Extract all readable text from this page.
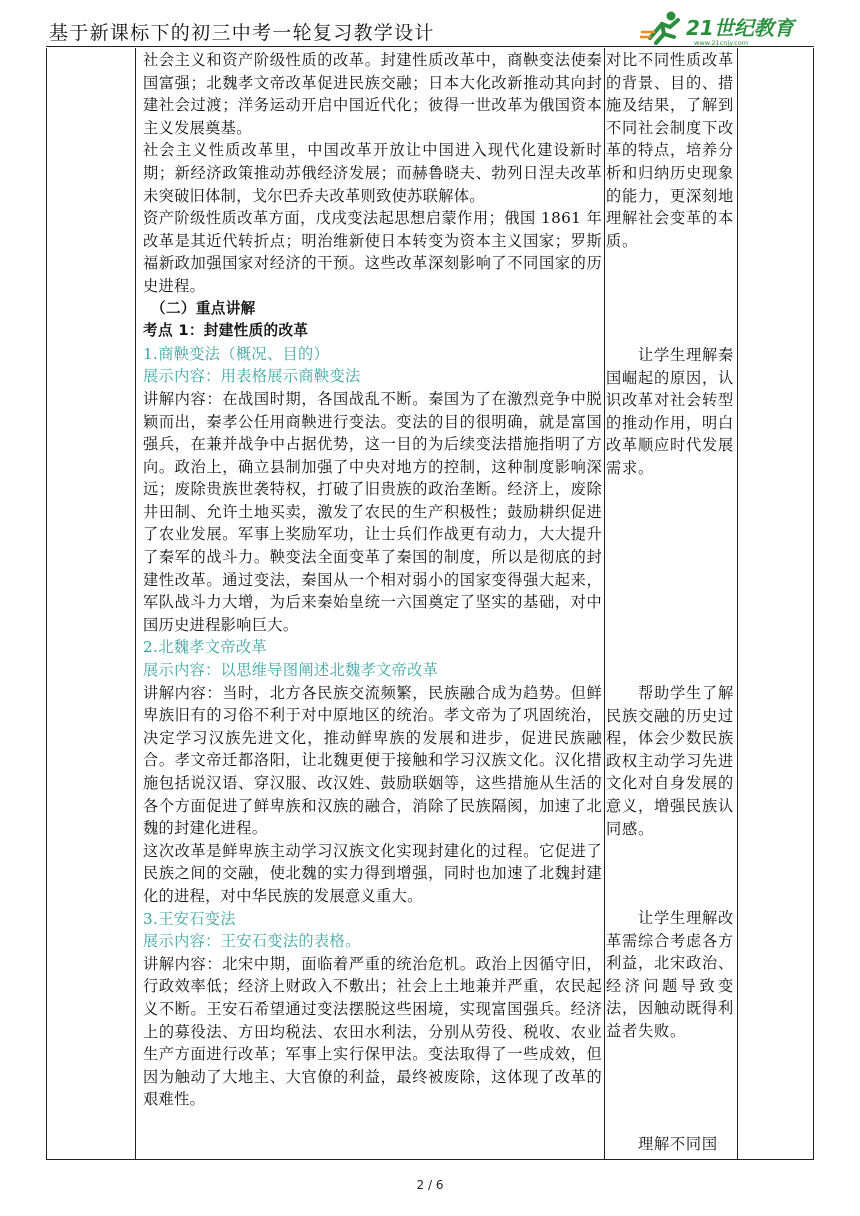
基于新课标下的初三中考一轮复习教学设计	21世纪教育
www.21cnjy.com

社会主义和资产阶级性质的改革。封建性质改革中，商鞅变法使秦国富强；北魏孝文帝改革促进民族交融；日本大化改新推动其向封建社会过渡；洋务运动开启中国近代化；彼得一世改革为俄国资本主义发展奠基。

社会主义性质改革里，中国改革开放让中国进入现代化建设新时期；新经济政策推动苏俄经济发展；而赫鲁晓夫、勃列日涅夫改革未突破旧体制，戈尔巴乔夫改革则致使苏联解体。

资产阶级性质改革方面，戊戌变法起思想启蒙作用；俄国 1861 年改革是其近代转折点；明治维新使日本转变为资本主义国家；罗斯福新政加强国家对经济的干预。这些改革深刻影响了不同国家的历史进程。

（二）重点讲解

考点 1：封建性质的改革

1.商鞅变法（概况、目的）

展示内容：用表格展示商鞅变法

讲解内容：在战国时期，各国战乱不断。秦国为了在激烈竞争中脱颖而出，秦孝公任用商鞅进行变法。变法的目的很明确，就是富国强兵，在兼并战争中占据优势，这一目的为后续变法措施指明了方向。政治上，确立县制加强了中央对地方的控制，这种制度影响深远；废除贵族世袭特权，打破了旧贵族的政治垄断。经济上，废除井田制、允许土地买卖，激发了农民的生产积极性；鼓励耕织促进了农业发展。军事上奖励军功，让士兵们作战更有动力，大大提升了秦军的战斗力。鞅变法全面变革了秦国的制度，所以是彻底的封建性改革。通过变法，秦国从一个相对弱小的国家变得强大起来，军队战斗力大增，为后来秦始皇统一六国奠定了坚实的基础，对中国历史进程影响巨大。

2.北魏孝文帝改革

展示内容：以思维导图阐述北魏孝文帝改革

讲解内容：当时，北方各民族交流频繁，民族融合成为趋势。但鲜卑族旧有的习俗不利于对中原地区的统治。孝文帝为了巩固统治，决定学习汉族先进文化，推动鲜卑族的发展和进步，促进民族融合。孝文帝迁都洛阳，让北魏更便于接触和学习汉族文化。汉化措施包括说汉语、穿汉服、改汉姓、鼓励联姻等，这些措施从生活的各个方面促进了鲜卑族和汉族的融合，消除了民族隔阂，加速了北魏的封建化进程。

这次改革是鲜卑族主动学习汉族文化实现封建化的过程。它促进了民族之间的交融，使北魏的实力得到增强，同时也加速了北魏封建化的进程，对中华民族的发展意义重大。

3.王安石变法

展示内容：王安石变法的表格。

讲解内容：北宋中期，面临着严重的统治危机。政治上因循守旧，行政效率低；经济上财政入不敷出；社会上土地兼并严重，农民起义不断。王安石希望通过变法摆脱这些困境，实现富国强兵。经济上的募役法、方田均税法、农田水利法，分别从劳役、税收、农业生产方面进行改革；军事上实行保甲法。变法取得了一些成效，但因为触动了大地主、大官僚的利益，最终被废除，这体现了改革的艰难性。

对比不同性质改革的背景、目的、措施及结果，了解到不同社会制度下改革的特点，培养分析和归纳历史现象的能力，更深刻地理解社会变革的本质。
　　让学生理解秦国崛起的原因，认识改革对社会转型的推动作用，明白改革顺应时代发展需求。
　　帮助学生了解民族交融的历史过程，体会少数民族政权主动学习先进文化对自身发展的意义，增强民族认同感。
　　让学生理解改革需综合考虑各方利益，北宋政治、经济问题导致变法，因触动既得利益者失败。
　　理解不同国
2 / 6
